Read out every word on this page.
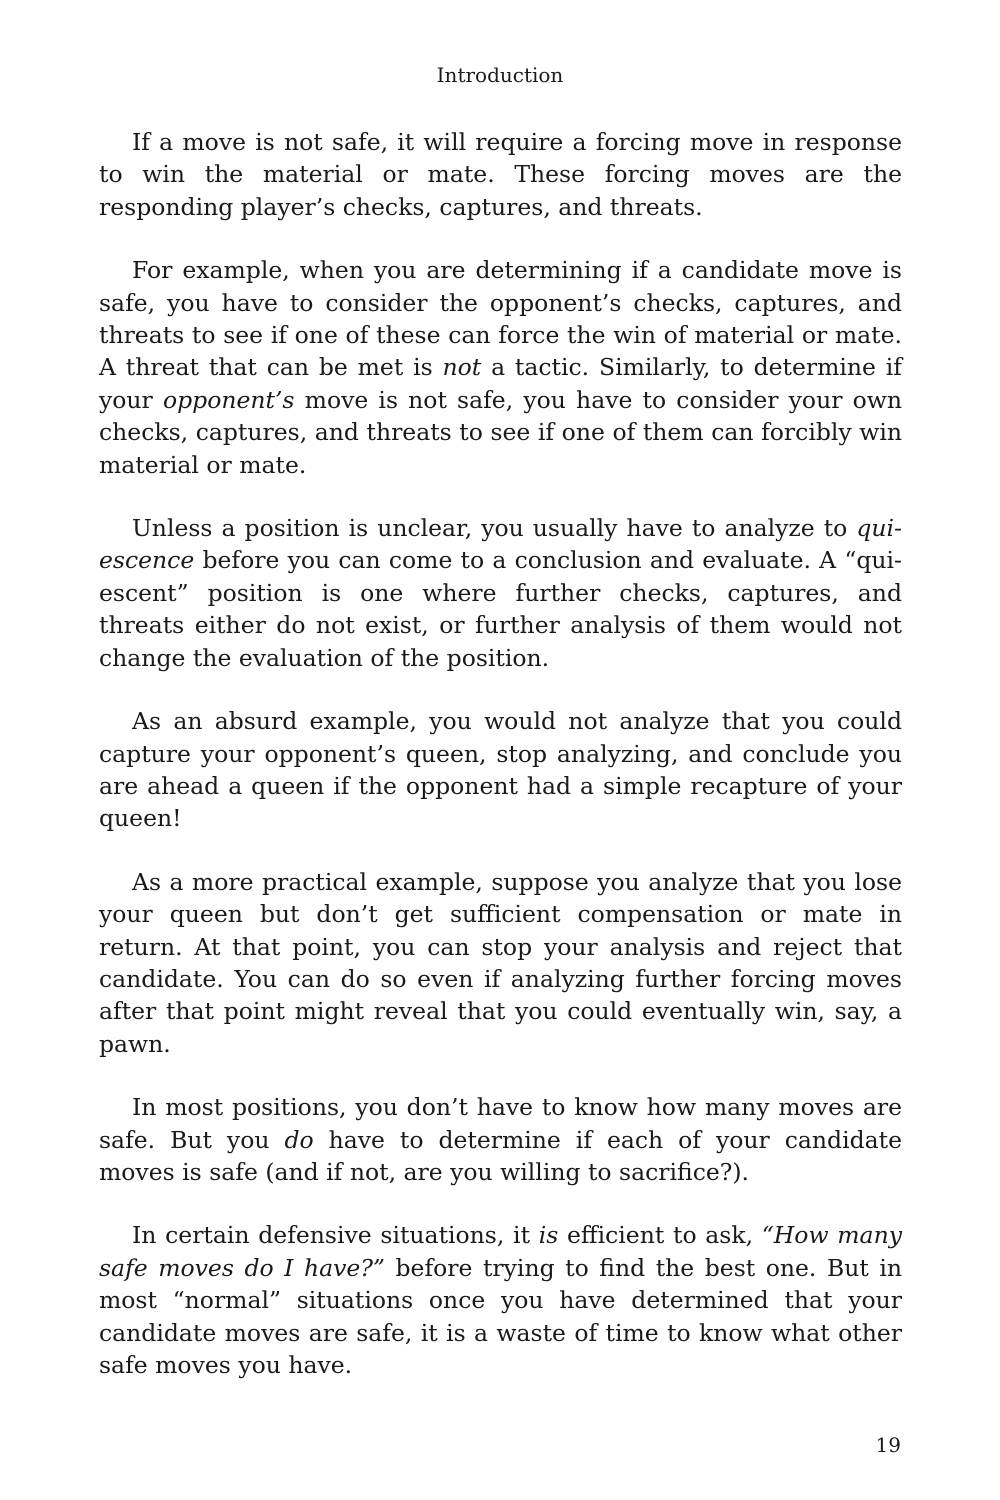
Introduction

If a move is not safe, it will require a forcing move in response to win the material or mate. These forcing moves are the responding player’s checks, captures, and threats.

For example, when you are determining if a candidate move is safe, you have to consider the opponent’s checks, captures, and threats to see if one of these can force the win of material or mate. A threat that can be met is not a tactic. Similarly, to determine if your opponent’s move is not safe, you have to consider your own checks, captures, and threats to see if one of them can forcibly win material or mate.

Unless a position is unclear, you usually have to analyze to quiescence before you can come to a conclusion and evaluate. A “quiescent” position is one where further checks, captures, and threats either do not exist, or further analysis of them would not change the evaluation of the position.

As an absurd example, you would not analyze that you could capture your opponent’s queen, stop analyzing, and conclude you are ahead a queen if the opponent had a simple recapture of your queen!

As a more practical example, suppose you analyze that you lose your queen but don’t get sufficient compensation or mate in return. At that point, you can stop your analysis and reject that candidate. You can do so even if analyzing further forcing moves after that point might reveal that you could eventually win, say, a pawn.

In most positions, you don’t have to know how many moves are safe. But you do have to determine if each of your candidate moves is safe (and if not, are you willing to sacrifice?).

In certain defensive situations, it is efficient to ask, “How many safe moves do I have?” before trying to find the best one. But in most “normal” situations once you have determined that your candidate moves are safe, it is a waste of time to know what other safe moves you have.

19
